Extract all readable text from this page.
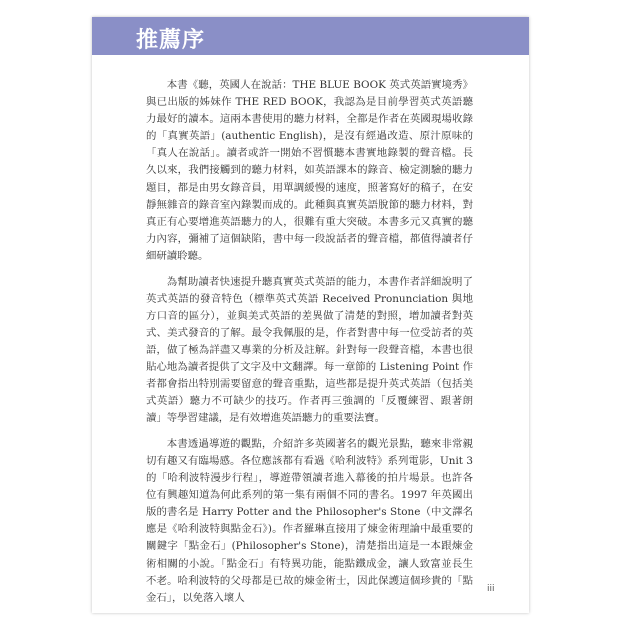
推薦序

本書《聽，英國人在說話：THE BLUE BOOK 英式英語實境秀》與已出版的姊妹作 THE RED BOOK，我認為是目前學習英式英語聽力最好的讀本。這兩本書使用的聽力材料，全都是作者在英國現場收錄的「真實英語」(authentic English)，是沒有經過改造、原汁原味的「真人在說話」。讀者或許一開始不習慣聽本書實地錄製的聲音檔。長久以來，我們接觸到的聽力材料，如英語課本的錄音、檢定測驗的聽力題目，都是由男女錄音員，用單調緩慢的速度，照著寫好的稿子，在安靜無雜音的錄音室內錄製而成的。此種與真實英語脫節的聽力材料，對真正有心要增進英語聽力的人，很難有重大突破。本書多元又真實的聽力內容，彌補了這個缺陷，書中每一段說話者的聲音檔，都值得讀者仔細研讀聆聽。

為幫助讀者快速提升聽真實英式英語的能力，本書作者詳細說明了英式英語的發音特色（標準英式英語 Received Pronunciation 與地方口音的區分），並與美式英語的差異做了清楚的對照，增加讀者對英式、美式發音的了解。最令我佩服的是，作者對書中每一位受訪者的英語，做了極為詳盡又專業的分析及註解。針對每一段聲音檔，本書也很貼心地為讀者提供了文字及中文翻譯。每一章節的 Listening Point 作者都會指出特別需要留意的聲音重點，這些都是提升英式英語（包括美式英語）聽力不可缺少的技巧。作者再三強調的「反覆練習、跟著朗讀」等學習建議，是有效增進英語聽力的重要法寶。

本書透過導遊的觀點，介紹許多英國著名的觀光景點，聽來非常親切有趣又有臨場感。各位應該都有看過《哈利波特》系列電影，Unit 3 的「哈利波特漫步行程」，導遊帶領讀者進入幕後的拍片場景。也許各位有興趣知道為何此系列的第一集有兩個不同的書名。1997 年英國出版的書名是 Harry Potter and the Philosopher's Stone（中文譯名應是《哈利波特與點金石》)。作者羅琳直接用了煉金術理論中最重要的關鍵字「點金石」(Philosopher's Stone)，清楚指出這是一本跟煉金術相關的小說。「點金石」有特異功能，能點鐵成金，讓人致富並長生不老。哈利波特的父母都是已故的煉金術士，因此保護這個珍貴的「點金石」，以免落入壞人

iii
